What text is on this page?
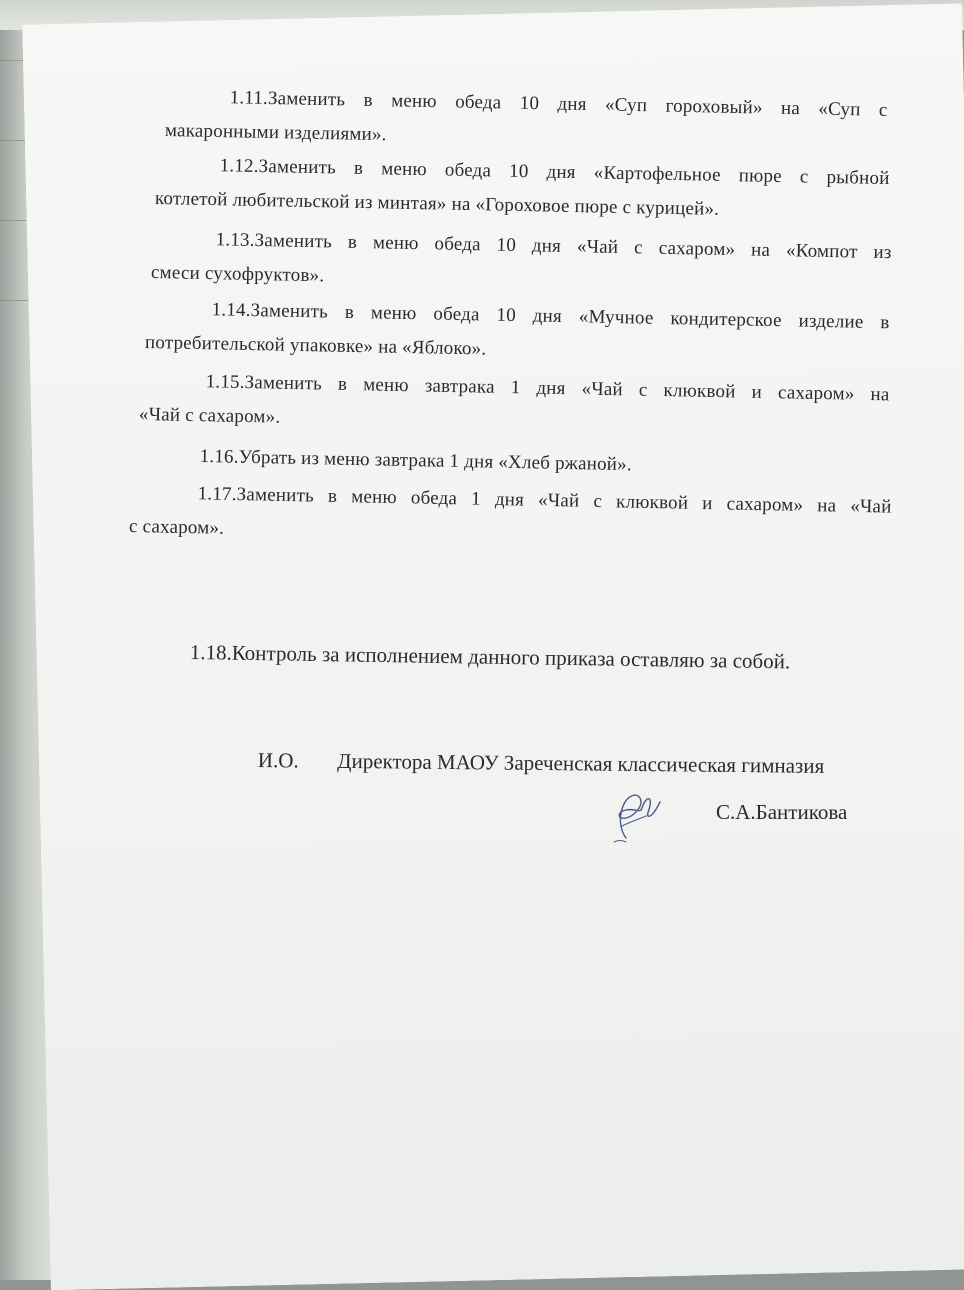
1.11.Заменить в меню обеда 10 дня «Суп гороховый» на «Суп с
макаронными изделиями».
1.12.Заменить в меню обеда 10 дня «Картофельное пюре с рыбной
котлетой любительской из минтая» на «Гороховое пюре с курицей».
1.13.Заменить в меню обеда 10 дня «Чай с сахаром» на «Компот из
смеси сухофруктов».
1.14.Заменить в меню обеда 10 дня «Мучное кондитерское изделие в
потребительской упаковке» на «Яблоко».
1.15.Заменить в меню завтрака 1 дня «Чай с клюквой и сахаром» на
«Чай с сахаром».
1.16.Убрать из меню завтрака 1 дня «Хлеб ржаной».
1.17.Заменить в меню обеда 1 дня «Чай с клюквой и сахаром» на «Чай
с сахаром».
1.18.Контроль за исполнением данного приказа оставляю за собой.
И.О. Директора МАОУ Зареченская классическая гимназия
С.А.Бантикова
